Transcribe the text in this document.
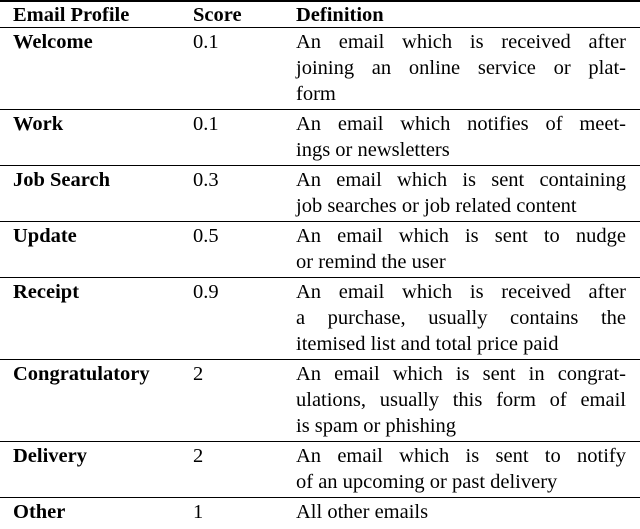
Email Profile	Score	Definition
Welcome	0.1	An email which is received after
joining an online service or plat-
form

Work	0.1	An email which notifies of meet-
ings or newsletters

Job Search	0.3	An email which is sent containing
job searches or job related content

Update	0.5	An email which is sent to nudge
or remind the user

Receipt	0.9	An email which is received after
a purchase, usually contains the
itemised list and total price paid

Congratulatory	2	An email which is sent in congrat-
ulations, usually this form of email
is spam or phishing

Delivery	2	An email which is sent to notify
of an upcoming or past delivery

Other	1	All other emails
